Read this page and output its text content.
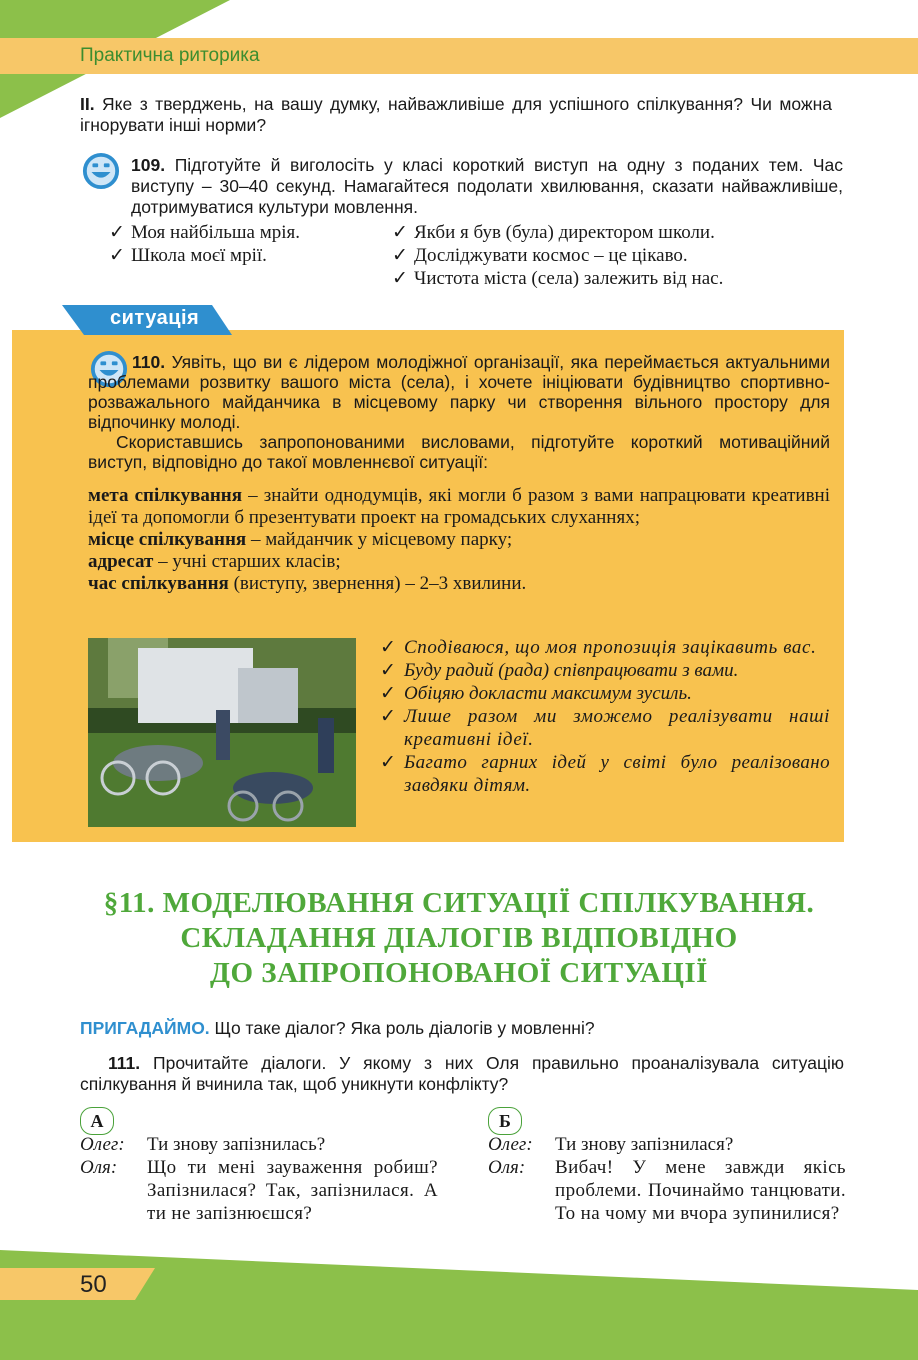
Практична риторика
II. Яке з тверджень, на вашу думку, найважливіше для успішного спілкування? Чи можна ігнорувати інші норми?
109. Підготуйте й виголосіть у класі короткий виступ на одну з поданих тем. Час виступу – 30–40 секунд. Намагайтеся подолати хвилювання, сказати найважливіше, дотримуватися культури мовлення.
✓ Моя найбільша мрія.
✓ Школа моєї мрії.
✓ Якби я був (була) директором школи.
✓ Досліджувати космос – це цікаво.
✓ Чистота міста (села) залежить від нас.
ситуація
110. Уявіть, що ви є лідером молодіжної організації, яка переймається актуальними проблемами розвитку вашого міста (села), і хочете ініціювати будівництво спортивно-розважального майданчика в місцевому парку чи створення вільного простору для відпочинку молоді.
Скориставшись запропонованими висловами, підготуйте короткий мотиваційний виступ, відповідно до такої мовленнєвої ситуації:
мета спілкування – знайти однодумців, які могли б разом з вами напрацювати креативні ідеї та допомогли б презентувати проект на громадських слуханнях;
місце спілкування – майданчик у місцевому парку;
адресат – учні старших класів;
час спілкування (виступу, звернення) – 2–3 хвилини.
✓ Сподіваюся, що моя пропозиція зацікавить вас.
✓ Буду радий (рада) співпрацювати з вами.
✓ Обіцяю докласти максимум зусиль.
✓ Лише разом ми зможемо реалізувати наші креативні ідеї.
✓ Багато гарних ідей у світі було реалізовано завдяки дітям.
§11. МОДЕЛЮВАННЯ СИТУАЦІЇ СПІЛКУВАННЯ.
СКЛАДАННЯ ДІАЛОГІВ ВІДПОВІДНО
ДО ЗАПРОПОНОВАНОЇ СИТУАЦІЇ
ПРИГАДАЙМО. Що таке діалог? Яка роль діалогів у мовленні?
111. Прочитайте діалоги. У якому з них Оля правильно проаналізувала ситуацію спілкування й вчинила так, щоб уникнути конфлікту?
А
Олег:	Ти знову запізнилась?
Оля:	Що ти мені зауваження робиш? Запізнилася? Так, запізнилася. А ти не запізнюєшся?
Б
Олег:	Ти знову запізнилася?
Оля:	Вибач! У мене завжди якісь проблеми. Починаймо танцювати. То на чому ми вчора зупинилися?
50
